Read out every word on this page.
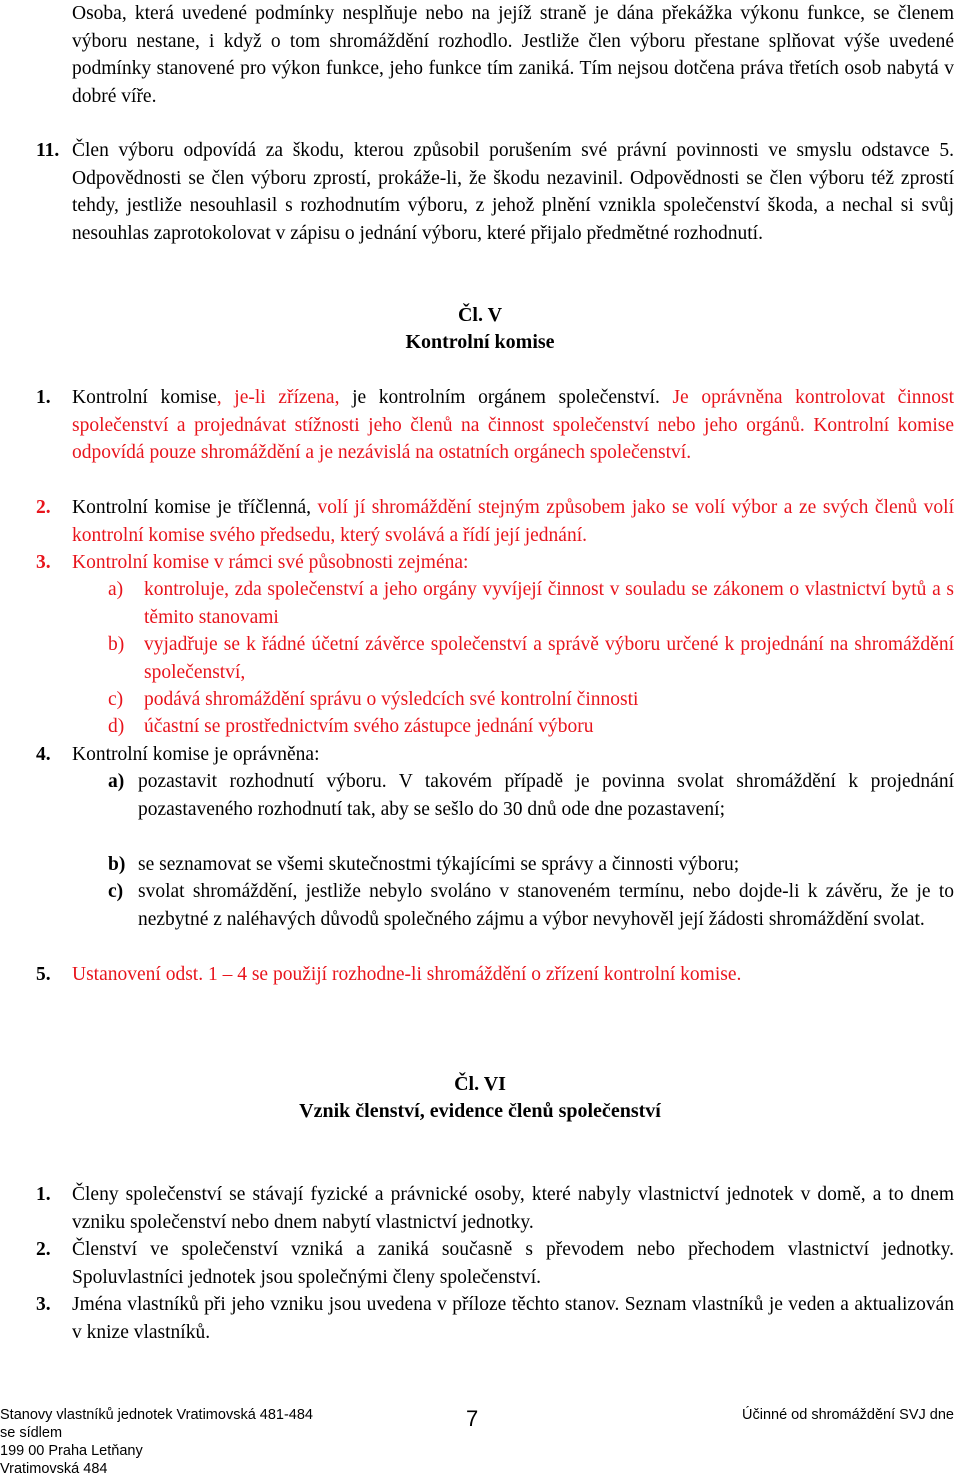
Osoba, která uvedené podmínky nesplňuje nebo na jejíž straně je dána překážka výkonu funkce, se členem výboru nestane, i když o tom shromáždění rozhodlo. Jestliže člen výboru přestane splňovat výše uvedené podmínky stanovené pro výkon funkce, jeho funkce tím zaniká. Tím nejsou dotčena práva třetích osob nabytá v dobré víře.
11. Člen výboru odpovídá za škodu, kterou způsobil porušením své právní povinnosti ve smyslu odstavce 5. Odpovědnosti se člen výboru zprostí, prokáže-li, že škodu nezavinil. Odpovědnosti se člen výboru též zprostí tehdy, jestliže nesouhlasil s rozhodnutím výboru, z jehož plnění vznikla společenství škoda, a nechal si svůj nesouhlas zaprotokolovat v zápisu o jednání výboru, které přijalo předmětné rozhodnutí.
Čl. V
Kontrolní komise
1.	Kontrolní komise, je-li zřízena, je kontrolním orgánem společenství. Je oprávněna kontrolovat činnost společenství a projednávat stížnosti jeho členů na činnost společenství nebo jeho orgánů. Kontrolní komise odpovídá pouze shromáždění a je nezávislá na ostatních orgánech společenství.
2.	Kontrolní komise je tříčlenná, volí jí shromáždění stejným způsobem jako se volí výbor a ze svých členů volí kontrolní komise svého předsedu, který svolává a řídí její jednání.
3.	Kontrolní komise v rámci své působnosti zejména:
a)	kontroluje, zda společenství a jeho orgány vyvíjejí činnost v souladu se zákonem o vlastnictví bytů a s těmito stanovami
b)	vyjadřuje se k řádné účetní závěrce společenství a správě výboru určené k projednání na shromáždění společenství,
c)	podává shromáždění správu o výsledcích své kontrolní činnosti
d)	účastní se prostřednictvím svého zástupce jednání výboru
4.	Kontrolní komise je oprávněna:
a) pozastavit rozhodnutí výboru. V takovém případě je povinna svolat shromáždění k projednání pozastaveného rozhodnutí tak, aby se sešlo do 30 dnů ode dne pozastavení;
b) se seznamovat se všemi skutečnostmi týkajícími se správy a činnosti výboru;
c) svolat shromáždění, jestliže nebylo svoláno v stanoveném termínu, nebo dojde-li k závěru, že je to nezbytné z naléhavých důvodů společného zájmu a výbor nevyhověl její žádosti shromáždění svolat.
5.	Ustanovení odst. 1 – 4 se použijí rozhodne-li shromáždění o zřízení kontrolní komise.
Čl. VI
Vznik členství, evidence členů společenství
1.	Členy společenství se stávají fyzické a právnické osoby, které nabyly vlastnictví jednotek v domě, a to dnem vzniku společenství nebo dnem nabytí vlastnictví jednotky.
2.	Členství ve společenství vzniká a zaniká současně s převodem nebo přechodem vlastnictví jednotky. Spoluvlastníci jednotek jsou společnými členy společenství.
3.	Jména vlastníků při jeho vzniku jsou uvedena v příloze těchto stanov. Seznam vlastníků je veden a aktualizován v knize vlastníků.
Stanovy vlastníků jednotek Vratimovská 481-484
se sídlem
199 00 Praha Letňany
Vratimovská 484
7	Účinné od shromáždění SVJ dne
